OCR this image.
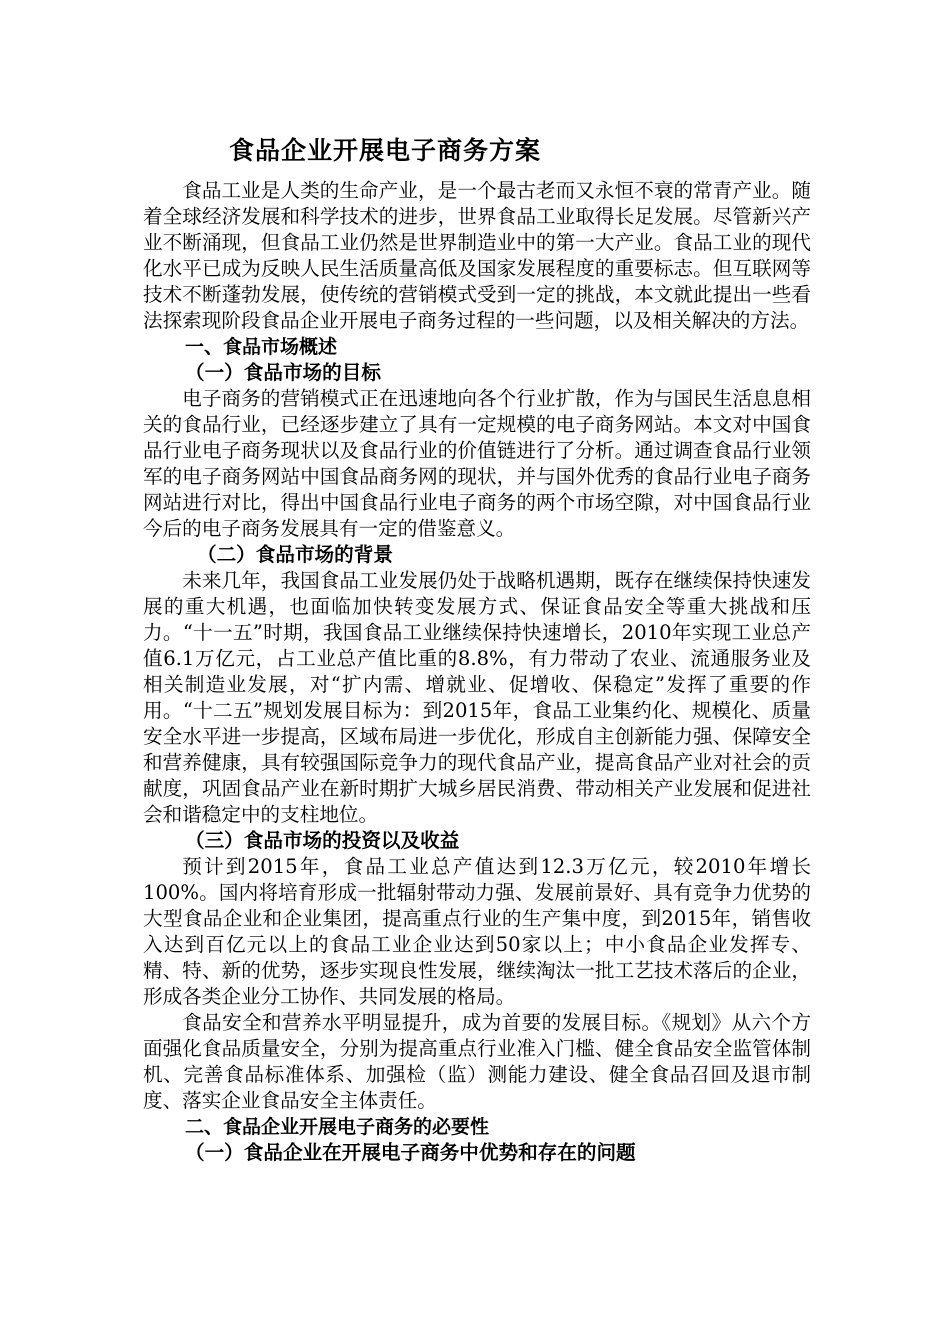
食品企业开展电子商务方案

食品工业是人类的生命产业，是一个最古老而又永恒不衰的常青产业。随着全球经济发展和科学技术的进步，世界食品工业取得长足发展。尽管新兴产业不断涌现，但食品工业仍然是世界制造业中的第一大产业。食品工业的现代化水平已成为反映人民生活质量高低及国家发展程度的重要标志。但互联网等技术不断蓬勃发展，使传统的营销模式受到一定的挑战，本文就此提出一些看法探索现阶段食品企业开展电子商务过程的一些问题，以及相关解决的方法。

一、食品市场概述
（一）食品市场的目标

电子商务的营销模式正在迅速地向各个行业扩散，作为与国民生活息息相关的食品行业，已经逐步建立了具有一定规模的电子商务网站。本文对中国食品行业电子商务现状以及食品行业的价值链进行了分析。通过调查食品行业领军的电子商务网站中国食品商务网的现状，并与国外优秀的食品行业电子商务网站进行对比，得出中国食品行业电子商务的两个市场空隙，对中国食品行业今后的电子商务发展具有一定的借鉴意义。

（二）食品市场的背景

未来几年，我国食品工业发展仍处于战略机遇期，既存在继续保持快速发展的重大机遇，也面临加快转变发展方式、保证食品安全等重大挑战和压力。“十一五”时期，我国食品工业继续保持快速增长，2010年实现工业总产值6.1万亿元，占工业总产值比重的8.8%，有力带动了农业、流通服务业及相关制造业发展，对“扩内需、增就业、促增收、保稳定”发挥了重要的作用。“十二五”规划发展目标为：到2015年，食品工业集约化、规模化、质量安全水平进一步提高，区域布局进一步优化，形成自主创新能力强、保障安全和营养健康，具有较强国际竞争力的现代食品产业，提高食品产业对社会的贡献度，巩固食品产业在新时期扩大城乡居民消费、带动相关产业发展和促进社会和谐稳定中的支柱地位。

（三）食品市场的投资以及收益

预计到2015年，食品工业总产值达到12.3万亿元，较2010年增长100%。国内将培育形成一批辐射带动力强、发展前景好、具有竞争力优势的大型食品企业和企业集团，提高重点行业的生产集中度，到2015年，销售收入达到百亿元以上的食品工业企业达到50家以上；中小食品企业发挥专、精、特、新的优势，逐步实现良性发展，继续淘汰一批工艺技术落后的企业，形成各类企业分工协作、共同发展的格局。

食品安全和营养水平明显提升，成为首要的发展目标。《规划》从六个方面强化食品质量安全，分别为提高重点行业准入门槛、健全食品安全监管体制机、完善食品标准体系、加强检（监）测能力建设、健全食品召回及退市制度、落实企业食品安全主体责任。

二、食品企业开展电子商务的必要性
（一）食品企业在开展电子商务中优势和存在的问题
